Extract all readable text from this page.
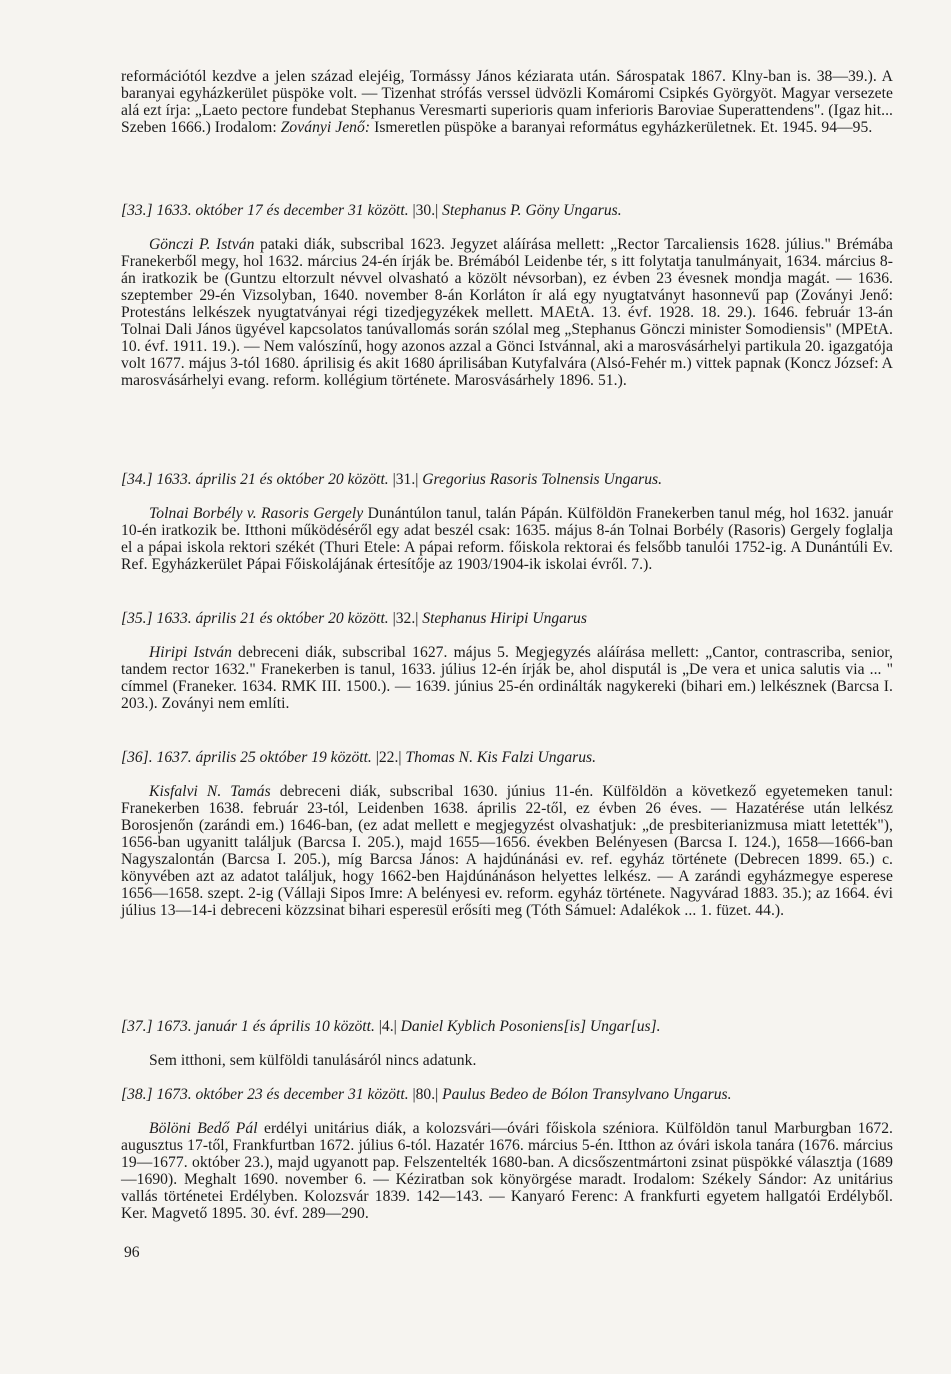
reformációtól kezdve a jelen század elejéig, Tormássy János kéziarata után. Sárospatak 1867. Klny-ban is. 38—39.). A baranyai egyházkerület püspöke volt. — Tizenhat strófás verssel üdvözli Komáromi Csipkés Györgyöt. Magyar versezete alá ezt írja: „Laeto pectore fundebat Stephanus Veresmarti superioris quam inferioris Baroviae Superattendens". (Igaz hit... Szeben 1666.) Irodalom: Zoványi Jenő: Ismeretlen püspöke a baranyai református egyházkerületnek. Et. 1945. 94—95.
[33.] 1633. október 17 és december 31 között. |30.| Stephanus P. Göny Ungarus.
Gönczi P. István pataki diák, subscribal 1623. Jegyzet aláírása mellett: „Rector Tarcaliensis 1628. július." Brémába Franekerből megy, hol 1632. március 24-én írják be. Brémából Leidenbe tér, s itt folytatja tanulmányait, 1634. március 8-án iratkozik be (Guntzu eltorzult névvel olvasható a közölt névsorban), ez évben 23 évesnek mondja magát. — 1636. szeptember 29-én Vizsolyban, 1640. november 8-án Korláton ír alá egy nyugtatványt hasonnevű pap (Zoványi Jenő: Protestáns lelkészek nyugtatványai régi tizedjegyzékek mellett. MAEtA. 13. évf. 1928. 18. 29.). 1646. február 13-án Tolnai Dali János ügyével kapcsolatos tanúvallomás során szólal meg „Stephanus Gönczi minister Somodiensis" (MPEtA. 10. évf. 1911. 19.). — Nem valószínű, hogy azonos azzal a Gönci Istvánnal, aki a marosvásárhelyi partikula 20. igazgatója volt 1677. május 3-tól 1680. áprilisig és akit 1680 áprilisában Kutyfalvára (Alsó-Fehér m.) vittek papnak (Koncz József: A marosvásárhelyi evang. reform. kollégium története. Marosvásárhely 1896. 51.).
[34.] 1633. április 21 és október 20 között. |31.| Gregorius Rasoris Tolnensis Ungarus.
Tolnai Borbély v. Rasoris Gergely Dunántúlon tanul, talán Pápán. Külföldön Franekerben tanul még, hol 1632. január 10-én iratkozik be. Itthoni működéséről egy adat beszél csak: 1635. május 8-án Tolnai Borbély (Rasoris) Gergely foglalja el a pápai iskola rektori székét (Thuri Etele: A pápai reform. főiskola rektorai és felsőbb tanulói 1752-ig. A Dunántúli Ev. Ref. Egyházkerület Pápai Főiskolájának értesítője az 1903/1904-ik iskolai évről. 7.).
[35.] 1633. április 21 és október 20 között. |32.| Stephanus Hiripi Ungarus
Hiripi István debreceni diák, subscribal 1627. május 5. Megjegyzés aláírása mellett: „Cantor, contrascriba, senior, tandem rector 1632." Franekerben is tanul, 1633. július 12-én írják be, ahol disputál is „De vera et unica salutis via ... " címmel (Franeker. 1634. RMK III. 1500.). — 1639. június 25-én ordinálták nagykereki (bihari em.) lelkésznek (Barcsa I. 203.). Zoványi nem említi.
[36]. 1637. április 25 október 19 között. |22.| Thomas N. Kis Falzi Ungarus.
Kisfalvi N. Tamás debreceni diák, subscribal 1630. június 11-én. Külföldön a következő egyetemeken tanul: Franekerben 1638. február 23-tól, Leidenben 1638. április 22-től, ez évben 26 éves. — Hazatérése után lelkész Borosjenőn (zarándi em.) 1646-ban, (ez adat mellett e megjegyzést olvashatjuk: „de presbiterianizmusa miatt letették"), 1656-ban ugyanitt találjuk (Barcsa I. 205.), majd 1655—1656. években Belényesen (Barcsa I. 124.), 1658—1666-ban Nagyszalontán (Barcsa I. 205.), míg Barcsa János: A hajdúnánási ev. ref. egyház története (Debrecen 1899. 65.) c. könyvében azt az adatot találjuk, hogy 1662-ben Hajdúnánáson helyettes lelkész. — A zarándi egyházmegye esperese 1656—1658. szept. 2-ig (Vállaji Sipos Imre: A belényesi ev. reform. egyház története. Nagyvárad 1883. 35.); az 1664. évi július 13—14-i debreceni közzsinat bihari esperesül erősíti meg (Tóth Sámuel: Adalékok ... 1. füzet. 44.).
[37.] 1673. január 1 és április 10 között. |4.| Daniel Kyblich Posoniens[is] Ungar[us].
Sem itthoni, sem külföldi tanulásáról nincs adatunk.
[38.] 1673. október 23 és december 31 között. |80.| Paulus Bedeo de Bólon Transylvano Ungarus.
Bölöni Bedő Pál erdélyi unitárius diák, a kolozsvári—óvári főiskola széniora. Külföldön tanul Marburgban 1672. augusztus 17-től, Frankfurtban 1672. július 6-tól. Hazatér 1676. március 5-én. Itthon az óvári iskola tanára (1676. március 19—1677. október 23.), majd ugyanott pap. Felszentelték 1680-ban. A dicsőszentmártoni zsinat püspökké választja (1689—1690). Meghalt 1690. november 6. — Kéziratban sok könyörgése maradt. Irodalom: Székely Sándor: Az unitárius vallás történetei Erdélyben. Kolozsvár 1839. 142—143. — Kanyaró Ferenc: A frankfurti egyetem hallgatói Erdélyből. Ker. Magvető 1895. 30. évf. 289—290.
96
